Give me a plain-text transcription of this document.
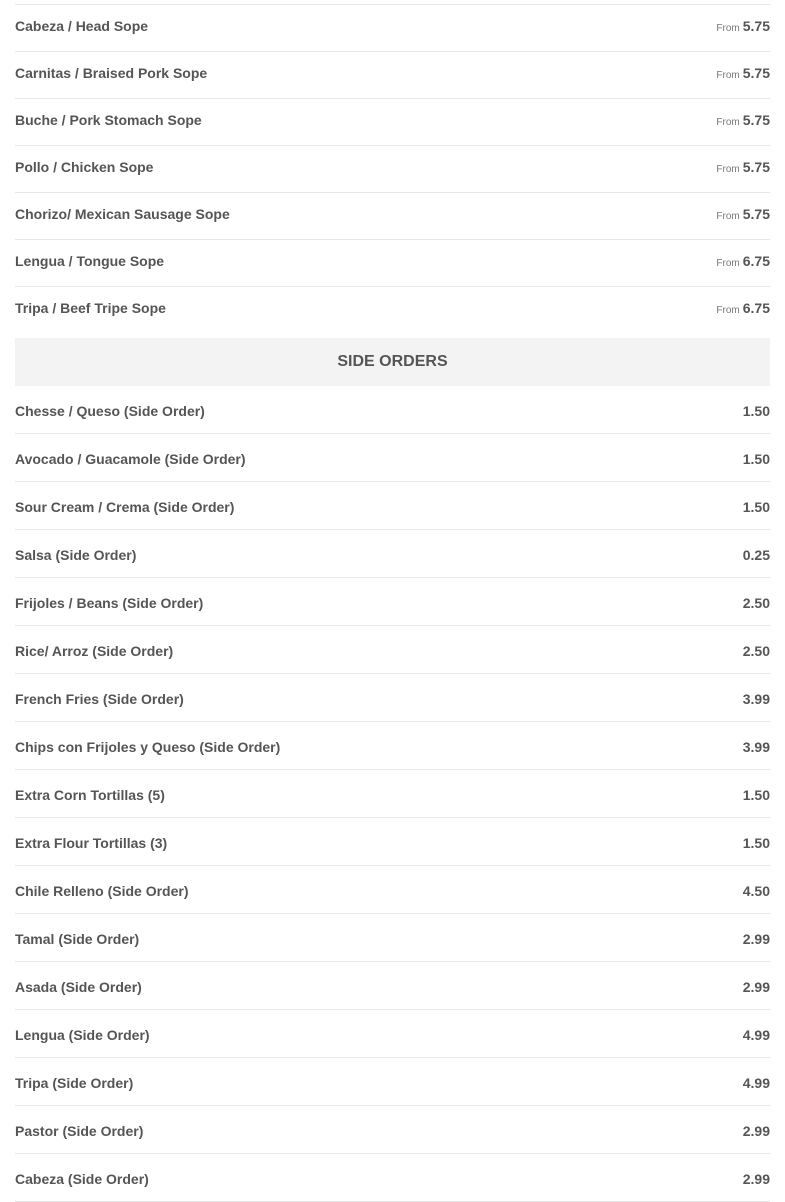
Cabeza / Head Sope	From 5.75
Carnitas / Braised Pork Sope	From 5.75
Buche / Pork Stomach Sope	From 5.75
Pollo / Chicken Sope	From 5.75
Chorizo/ Mexican Sausage Sope	From 5.75
Lengua / Tongue Sope	From 6.75
Tripa / Beef Tripe Sope	From 6.75
SIDE ORDERS
Chesse / Queso (Side Order)	1.50
Avocado / Guacamole (Side Order)	1.50
Sour Cream / Crema (Side Order)	1.50
Salsa (Side Order)	0.25
Frijoles / Beans (Side Order)	2.50
Rice/ Arroz (Side Order)	2.50
French Fries (Side Order)	3.99
Chips con Frijoles y Queso (Side Order)	3.99
Extra Corn Tortillas (5)	1.50
Extra Flour Tortillas (3)	1.50
Chile Relleno (Side Order)	4.50
Tamal (Side Order)	2.99
Asada (Side Order)	2.99
Lengua (Side Order)	4.99
Tripa (Side Order)	4.99
Pastor (Side Order)	2.99
Cabeza (Side Order)	2.99
